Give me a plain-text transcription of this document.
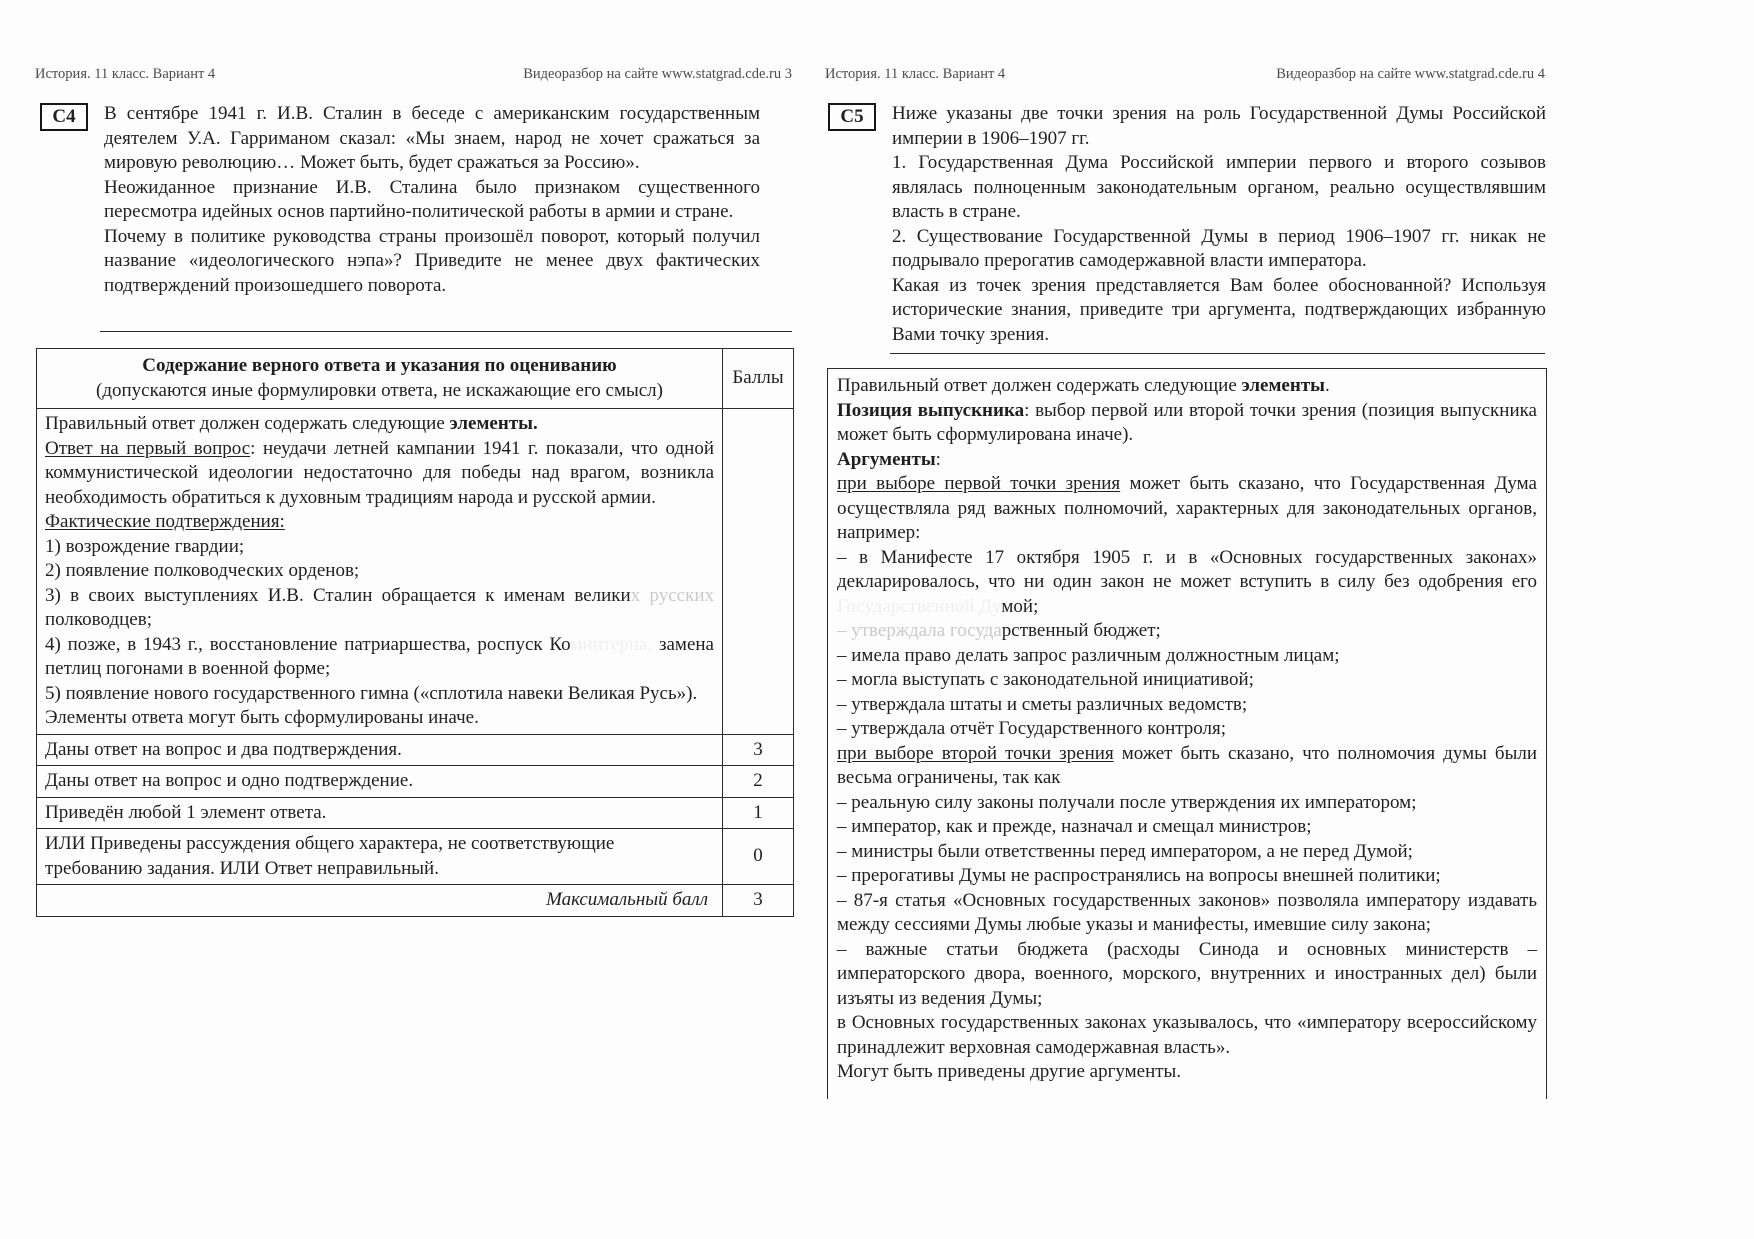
История. 11 класс. Вариант 4	Видеоразбор на сайте www.statgrad.cde.ru 3
С4	В сентябре 1941 г. И.В. Сталин в беседе с американским государственным деятелем У.А. Гарриманом сказал: «Мы знаем, народ не хочет сражаться за мировую революцию… Может быть, будет сражаться за Россию».

Неожиданное признание И.В. Сталина было признаком существенного пересмотра идейных основ партийно-политической работы в армии и стране.

Почему в политике руководства страны произошёл поворот, который получил название «идеологического нэпа»? Приведите не менее двух фактических подтверждений произошедшего поворота.

Содержание верного ответа и указания по оцениванию
(допускаются иные формулировки ответа, не искажающие его смысл)	Баллы

Правильный ответ должен содержать следующие элементы.
Ответ на первый вопрос: неудачи летней кампании 1941 г. показали, что одной коммунистической идеологии недостаточно для победы над врагом, возникла необходимость обратиться к духовным традициям народа и русской армии.
Фактические подтверждения:
1) возрождение гвардии;
2) появление полководческих орденов;
3) в своих выступлениях И.В. Сталин обращается к именам великих русских полководцев;
4) позже, в 1943 г., восстановление патриаршества, роспуск Коминтерна, замена петлиц погонами в военной форме;
5) появление нового государственного гимна («сплотила навеки Великая Русь»).
Элементы ответа могут быть сформулированы иначе.

Даны ответ на вопрос и два подтверждения.	3
Даны ответ на вопрос и одно подтверждение.	2
Приведён любой 1 элемент ответа.	1
ИЛИ Приведены рассуждения общего характера, не соответствующие требованию задания. ИЛИ Ответ неправильный.	0
Максимальный балл	3
История. 11 класс. Вариант 4	Видеоразбор на сайте www.statgrad.cde.ru 4
С5	Ниже указаны две точки зрения на роль Государственной Думы Российской империи в 1906–1907 гг.

1. Государственная Дума Российской империи первого и второго созывов являлась полноценным законодательным органом, реально осуществлявшим власть в стране.

2. Существование Государственной Думы в период 1906–1907 гг. никак не подрывало прерогатив самодержавной власти императора.

Какая из точек зрения представляется Вам более обоснованной? Используя исторические знания, приведите три аргумента, подтверждающих избранную Вами точку зрения.

Правильный ответ должен содержать следующие элементы.
Позиция выпускника: выбор первой или второй точки зрения (позиция выпускника может быть сформулирована иначе).
Аргументы:
при выборе первой точки зрения может быть сказано, что Государственная Дума осуществляла ряд важных полномочий, характерных для законодательных органов, например:
– в Манифесте 17 октября 1905 г. и в «Основных государственных законах» декларировалось, что ни один закон не может вступить в силу без одобрения его Государственной Думой;
– утверждала государственный бюджет;
– имела право делать запрос различным должностным лицам;
– могла выступать с законодательной инициативой;
– утверждала штаты и сметы различных ведомств;
– утверждала отчёт Государственного контроля;
при выборе второй точки зрения может быть сказано, что полномочия думы были весьма ограничены, так как
– реальную силу законы получали после утверждения их императором;
– император, как и прежде, назначал и смещал министров;
– министры были ответственны перед императором, а не перед Думой;
– прерогативы Думы не распространялись на вопросы внешней политики;
– 87-я статья «Основных государственных законов» позволяла императору издавать между сессиями Думы любые указы и манифесты, имевшие силу закона;
– важные статьи бюджета (расходы Синода и основных министерств – императорского двора, военного, морского, внутренних и иностранных дел) были изъяты из ведения Думы;
в Основных государственных законах указывалось, что «императору всероссийскому принадлежит верховная самодержавная власть».
Могут быть приведены другие аргументы.
